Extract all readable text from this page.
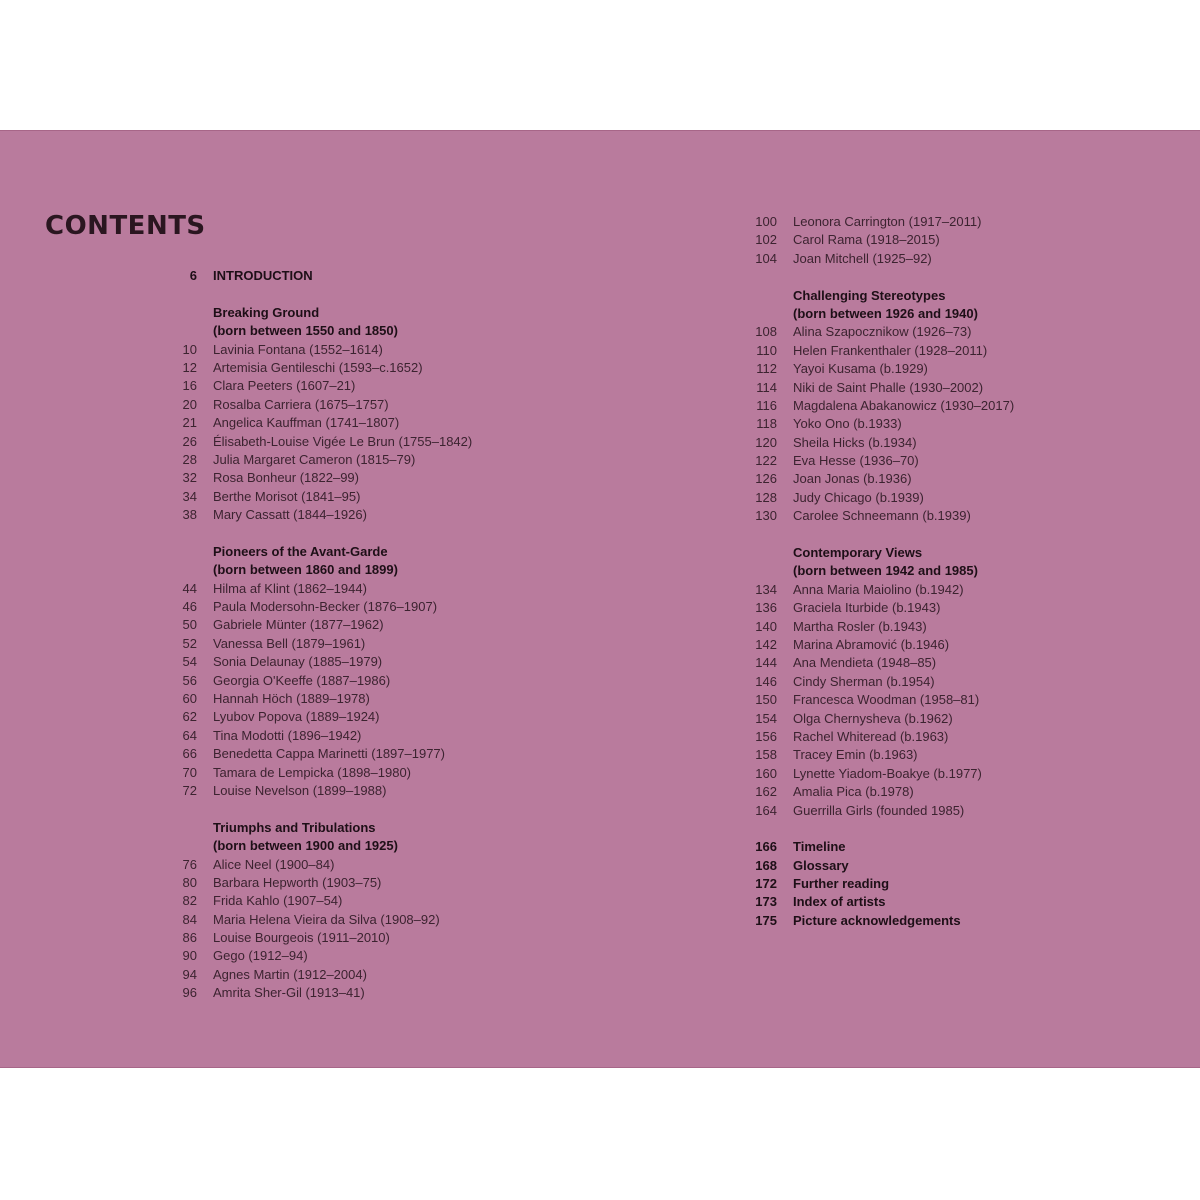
CONTENTS
6	INTRODUCTION
Breaking Ground
(born between 1550 and 1850)
10	Lavinia Fontana (1552–1614)
12	Artemisia Gentileschi (1593–c.1652)
16	Clara Peeters (1607–21)
20	Rosalba Carriera (1675–1757)
21	Angelica Kauffman (1741–1807)
26	Élisabeth-Louise Vigée Le Brun (1755–1842)
28	Julia Margaret Cameron (1815–79)
32	Rosa Bonheur (1822–99)
34	Berthe Morisot (1841–95)
38	Mary Cassatt (1844–1926)
Pioneers of the Avant-Garde
(born between 1860 and 1899)
44	Hilma af Klint (1862–1944)
46	Paula Modersohn-Becker (1876–1907)
50	Gabriele Münter (1877–1962)
52	Vanessa Bell (1879–1961)
54	Sonia Delaunay (1885–1979)
56	Georgia O'Keeffe (1887–1986)
60	Hannah Höch (1889–1978)
62	Lyubov Popova (1889–1924)
64	Tina Modotti (1896–1942)
66	Benedetta Cappa Marinetti (1897–1977)
70	Tamara de Lempicka (1898–1980)
72	Louise Nevelson (1899–1988)
Triumphs and Tribulations
(born between 1900 and 1925)
76	Alice Neel (1900–84)
80	Barbara Hepworth (1903–75)
82	Frida Kahlo (1907–54)
84	Maria Helena Vieira da Silva (1908–92)
86	Louise Bourgeois (1911–2010)
90	Gego (1912–94)
94	Agnes Martin (1912–2004)
96	Amrita Sher-Gil (1913–41)
100	Leonora Carrington (1917–2011)
102	Carol Rama (1918–2015)
104	Joan Mitchell (1925–92)
Challenging Stereotypes
(born between 1926 and 1940)
108	Alina Szapocznikow (1926–73)
110	Helen Frankenthaler (1928–2011)
112	Yayoi Kusama (b.1929)
114	Niki de Saint Phalle (1930–2002)
116	Magdalena Abakanowicz (1930–2017)
118	Yoko Ono (b.1933)
120	Sheila Hicks (b.1934)
122	Eva Hesse (1936–70)
126	Joan Jonas (b.1936)
128	Judy Chicago (b.1939)
130	Carolee Schneemann (b.1939)
Contemporary Views
(born between 1942 and 1985)
134	Anna Maria Maiolino (b.1942)
136	Graciela Iturbide (b.1943)
140	Martha Rosler (b.1943)
142	Marina Abramović (b.1946)
144	Ana Mendieta (1948–85)
146	Cindy Sherman (b.1954)
150	Francesca Woodman (1958–81)
154	Olga Chernysheva (b.1962)
156	Rachel Whiteread (b.1963)
158	Tracey Emin (b.1963)
160	Lynette Yiadom-Boakye (b.1977)
162	Amalia Pica (b.1978)
164	Guerrilla Girls (founded 1985)
166	Timeline
168	Glossary
172	Further reading
173	Index of artists
175	Picture acknowledgements
